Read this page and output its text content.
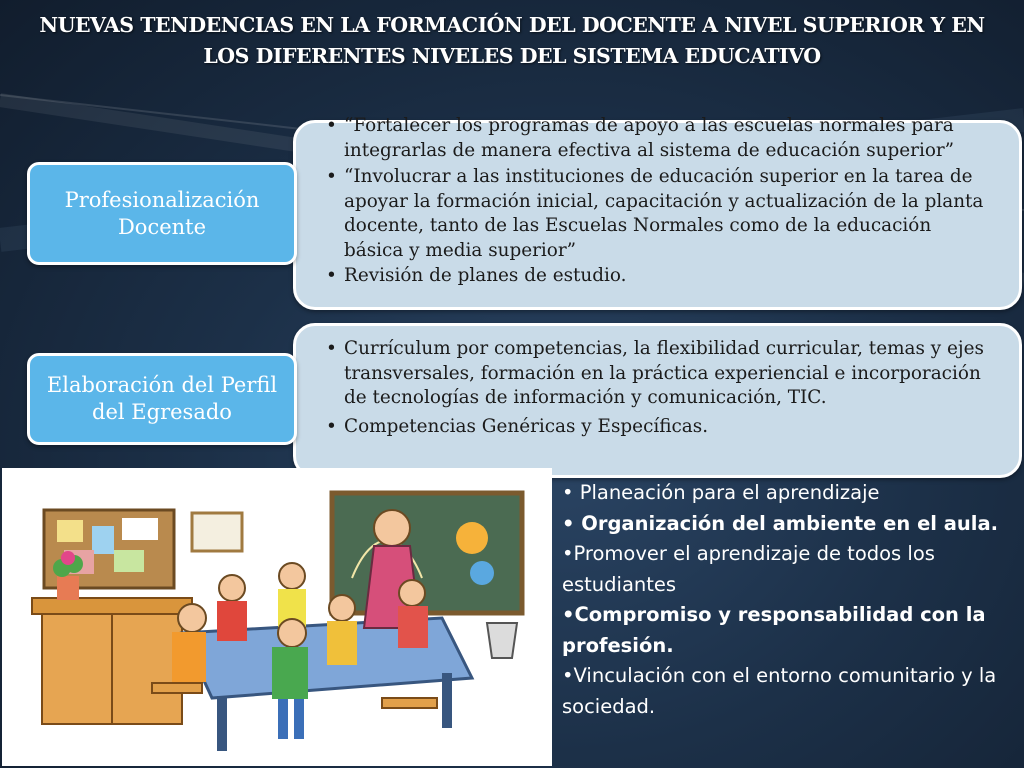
NUEVAS TENDENCIAS EN LA FORMACIÓN DEL DOCENTE A NIVEL SUPERIOR Y EN LOS DIFERENTES NIVELES DEL SISTEMA EDUCATIVO
• “Fortalecer los programas de apoyo a las escuelas normales para integrarlas de manera efectiva al sistema de educación superior”
• “Involucrar a las instituciones de educación superior en la tarea de apoyar la formación inicial, capacitación y actualización de la planta docente, tanto de las Escuelas Normales como de la educación básica y media superior”
• Revisión de planes de estudio.
Profesionalización Docente
• Currículum por competencias, la flexibilidad curricular, temas y ejes transversales, formación en la práctica experiencial e incorporación de tecnologías de información y comunicación, TIC.
• Competencias Genéricas y Específicas.
Elaboración del Perfil del Egresado
• Planeación para el aprendizaje
• Organización del ambiente en el aula.
•Promover el aprendizaje de todos los estudiantes
•Compromiso y responsabilidad con la profesión.
•Vinculación con el entorno comunitario y la sociedad.
